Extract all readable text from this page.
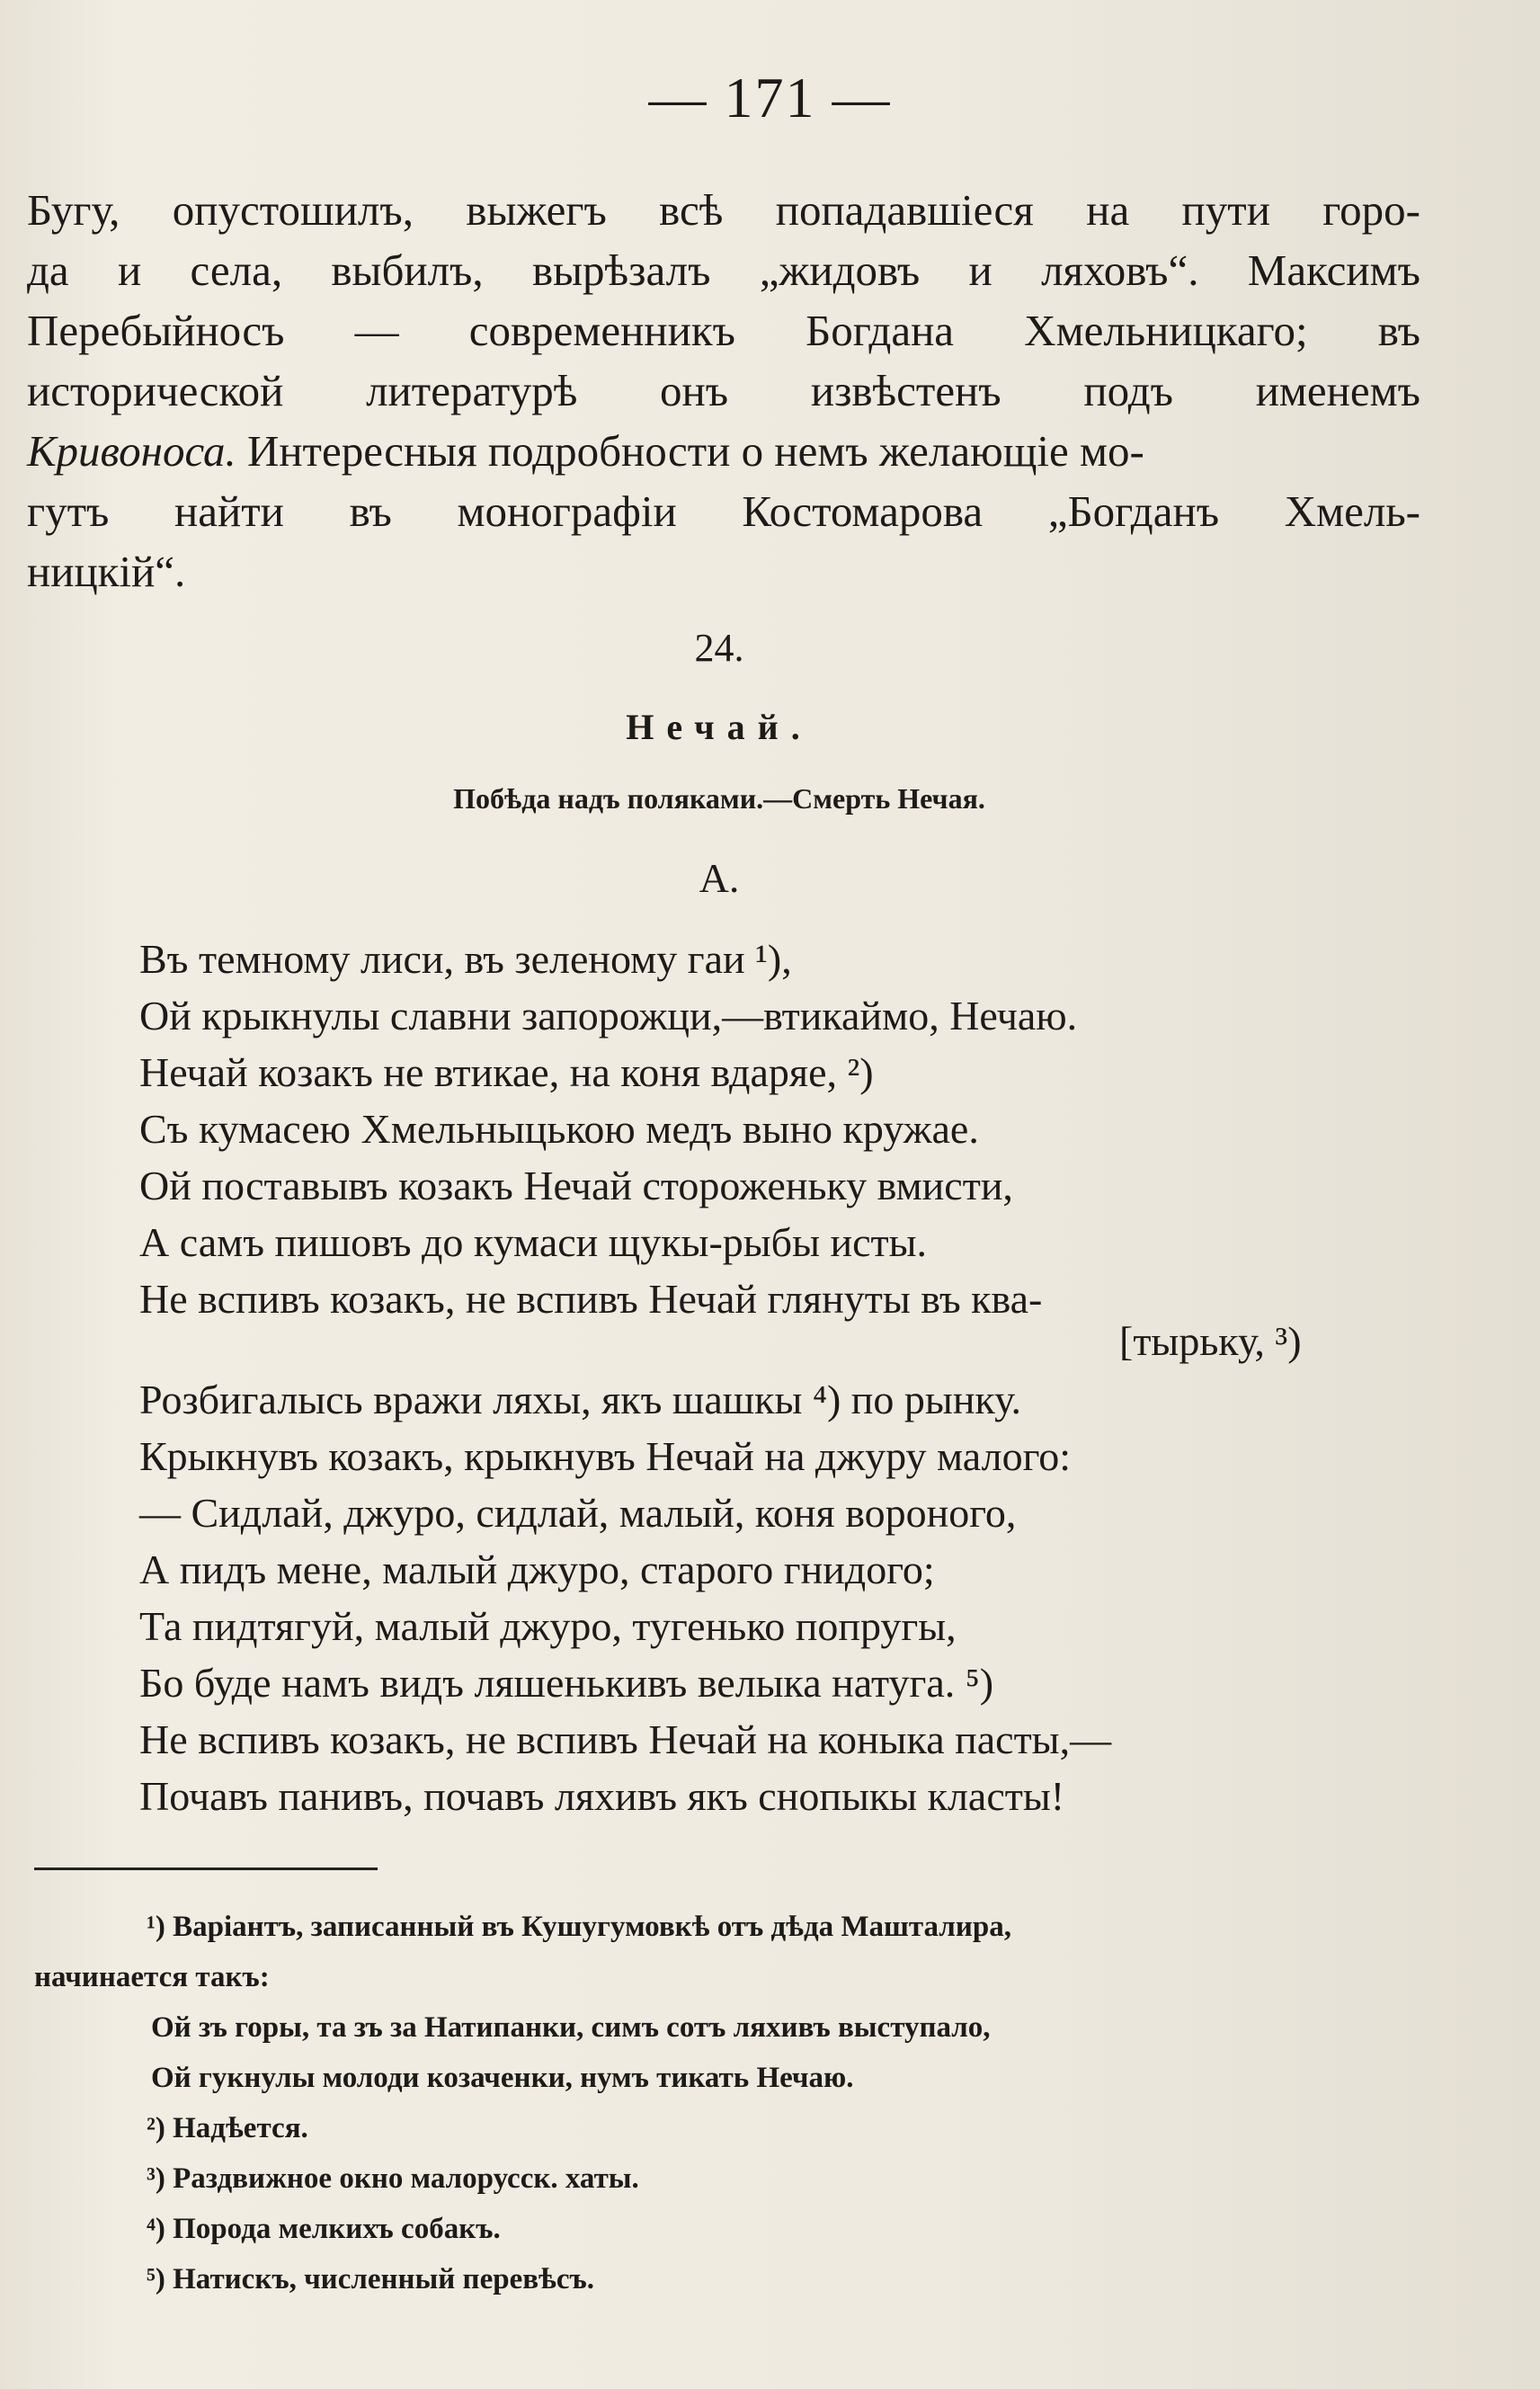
— 171 —
Бугу, опустошилъ, выжегъ всѣ попадавшіеся на пути горо-
да и села, выбилъ, вырѣзалъ „жидовъ и ляховъ“. Максимъ
Перебыйносъ — современникъ Богдана Хмельницкаго; въ
исторической литературѣ онъ извѣстенъ подъ именемъ
Кривоноса. Интересныя подробности о немъ желающіе мо-
гутъ найти въ монографіи Костомарова „Богданъ Хмель-
ницкій“.
24.
Нечай.
Побѣда надъ поляками.—Смерть Нечая.
А.
Въ темному лиси, въ зеленому гаи ¹),
Ой крыкнулы славни запорожци,—втикаймо, Нечаю.
Нечай козакъ не втикае, на коня вдаряе, ²)
Съ кумасею Хмельныцькою медъ выно кружае.
Ой поставывъ козакъ Нечай стороженьку вмисти,
А самъ пишовъ до кумаси щукы-рыбы исты.
Не вспивъ козакъ, не вспивъ Нечай глянуты въ ква-
[тырьку, ³)
Розбигалысь вражи ляхы, якъ шашкы ⁴) по рынку.
Крыкнувъ козакъ, крыкнувъ Нечай на джуру малого:
— Сидлай, джуро, сидлай, малый, коня вороного,
А пидъ мене, малый джуро, старого гнидого;
Та пидтягуй, малый джуро, тугенько попругы,
Бо буде намъ видъ ляшенькивъ велыка натуга. ⁵)
Не вспивъ козакъ, не вспивъ Нечай на коныка пасты,—
Почавъ панивъ, почавъ ляхивъ якъ снопыкы класты!
¹) Варіантъ, записанный въ Кушугумовкѣ отъ дѣда Машталира,
начинается такъ:
Ой зъ горы, та зъ за Натипанки, симъ сотъ ляхивъ выступало,
Ой гукнулы молоди козаченки, нумъ тикать Нечаю.
²) Надѣется.
³) Раздвижное окно малорусск. хаты.
⁴) Порода мелкихъ собакъ.
⁵) Натискъ, численный перевѣсъ.
